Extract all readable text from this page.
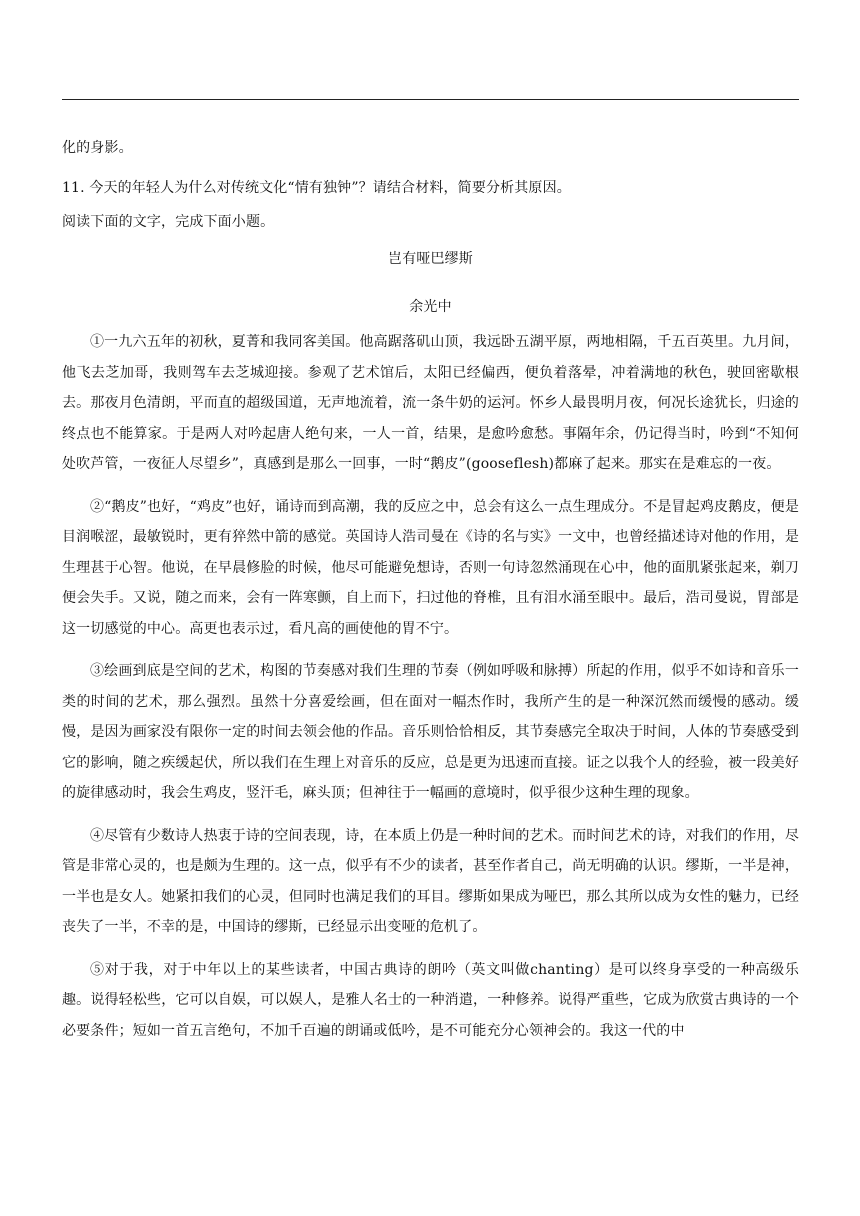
化的身影。

11. 今天的年轻人为什么对传统文化“情有独钟”？请结合材料，简要分析其原因。

阅读下面的文字，完成下面小题。

岂有哑巴缪斯

余光中

①一九六五年的初秋，夏菁和我同客美国。他高踞落矶山顶，我远卧五湖平原，两地相隔，千五百英里。九月间，他飞去芝加哥，我则驾车去芝城迎接。参观了艺术馆后，太阳已经偏西，便负着落晕，冲着满地的秋色，驶回密歇根去。那夜月色清朗，平而直的超级国道，无声地流着，流一条牛奶的运河。怀乡人最畏明月夜，何况长途犹长，归途的终点也不能算家。于是两人对吟起唐人绝句来，一人一首，结果，是愈吟愈愁。事隔年余，仍记得当时，吟到“不知何处吹芦管，一夜征人尽望乡”，真感到是那么一回事，一时“鹅皮”(gooseflesh)都麻了起来。那实在是难忘的一夜。

②“鹅皮”也好，“鸡皮”也好，诵诗而到高潮，我的反应之中，总会有这么一点生理成分。不是冒起鸡皮鹅皮，便是目润喉涩，最敏锐时，更有猝然中箭的感觉。英国诗人浩司曼在《诗的名与实》一文中，也曾经描述诗对他的作用，是生理甚于心智。他说，在早晨修脸的时候，他尽可能避免想诗，否则一句诗忽然涌现在心中，他的面肌紧张起来，剃刀便会失手。又说，随之而来，会有一阵寒颤，自上而下，扫过他的脊椎，且有泪水涌至眼中。最后，浩司曼说，胃部是这一切感觉的中心。高更也表示过，看凡高的画使他的胃不宁。

③绘画到底是空间的艺术，构图的节奏感对我们生理的节奏（例如呼吸和脉搏）所起的作用，似乎不如诗和音乐一类的时间的艺术，那么强烈。虽然十分喜爱绘画，但在面对一幅杰作时，我所产生的是一种深沉然而缓慢的感动。缓慢，是因为画家没有限你一定的时间去领会他的作品。音乐则恰恰相反，其节奏感完全取决于时间，人体的节奏感受到它的影响，随之疾缓起伏，所以我们在生理上对音乐的反应，总是更为迅速而直接。证之以我个人的经验，被一段美好的旋律感动时，我会生鸡皮，竖汗毛，麻头顶；但神往于一幅画的意境时，似乎很少这种生理的现象。

④尽管有少数诗人热衷于诗的空间表现，诗，在本质上仍是一种时间的艺术。而时间艺术的诗，对我们的作用，尽管是非常心灵的，也是颇为生理的。这一点，似乎有不少的读者，甚至作者自己，尚无明确的认识。缪斯，一半是神，一半也是女人。她紧扣我们的心灵，但同时也满足我们的耳目。缪斯如果成为哑巴，那么其所以成为女性的魅力，已经丧失了一半，不幸的是，中国诗的缪斯，已经显示出变哑的危机了。

⑤对于我，对于中年以上的某些读者，中国古典诗的朗吟（英文叫做chanting）是可以终身享受的一种高级乐趣。说得轻松些，它可以自娱，可以娱人，是雅人名士的一种消遣，一种修养。说得严重些，它成为欣赏古典诗的一个必要条件；短如一首五言绝句，不加千百遍的朗诵或低吟，是不可能充分心领神会的。我这一代的中
